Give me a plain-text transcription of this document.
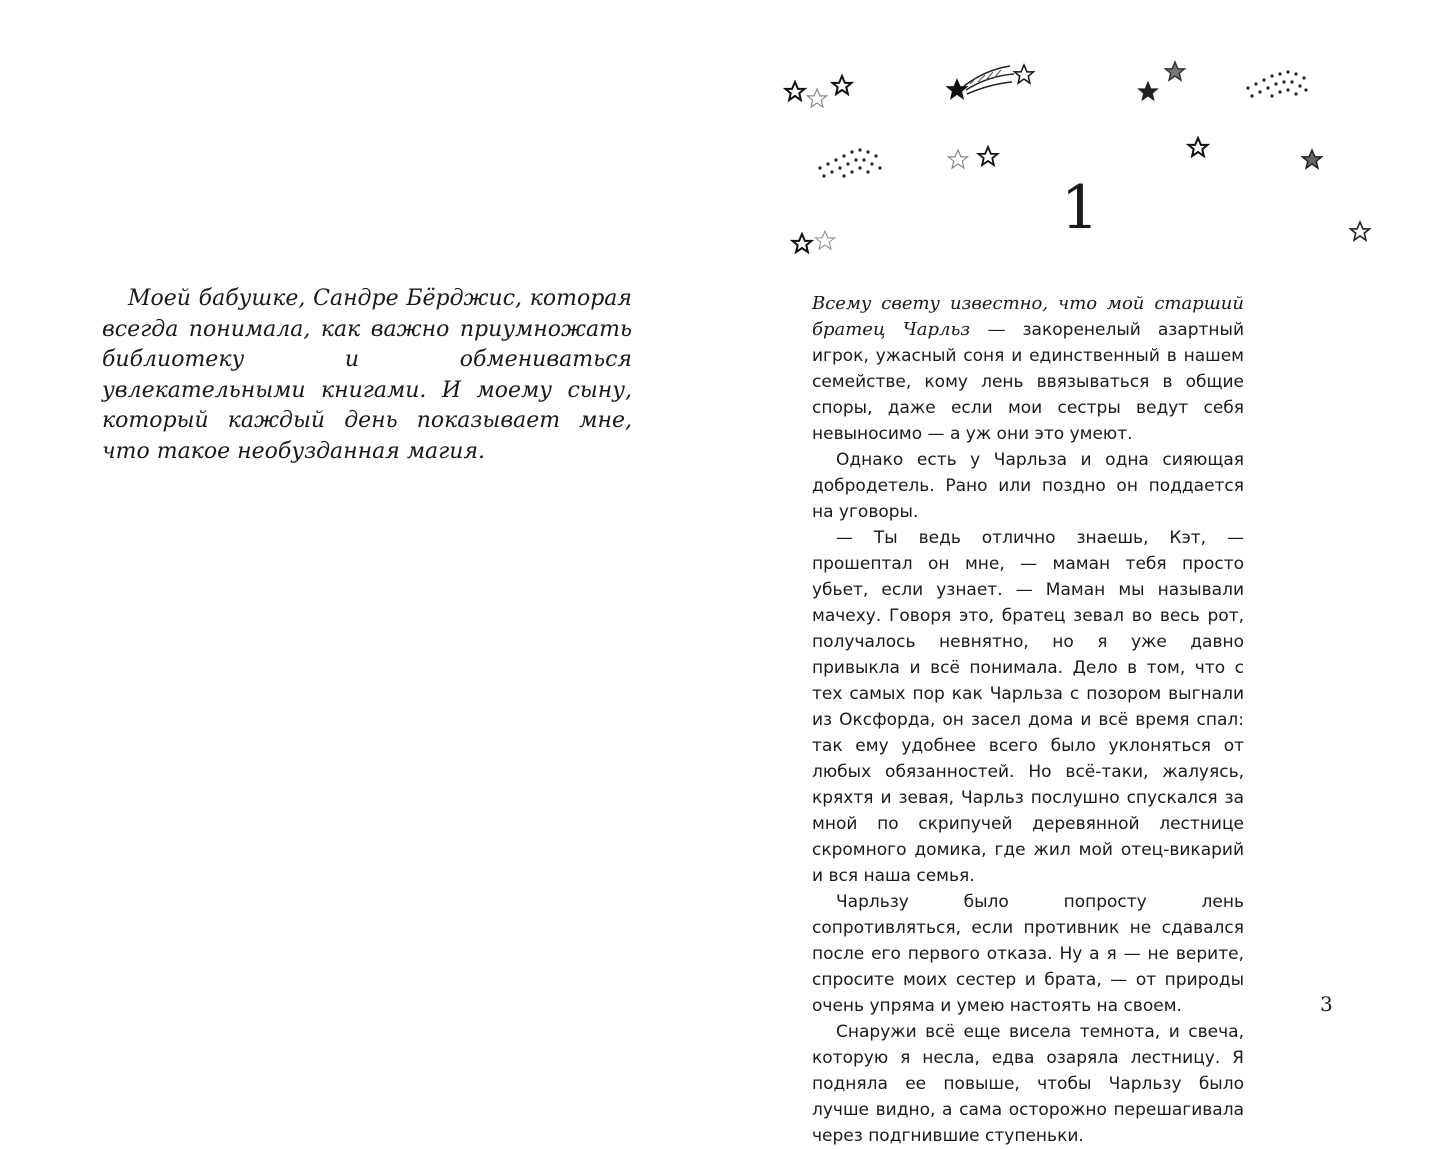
Моей бабушке, Сандре Бёрджис, которая всегда понимала, как важно приумножать библиотеку и обмениваться увлекательными книгами. И моему сыну, который каждый день показывает мне, что такое необузданная магия.

1

Всему свету известно, что мой старший братец Чарльз — закоренелый азартный игрок, ужасный соня и единственный в нашем семействе, кому лень ввязываться в общие споры, даже если мои сестры ведут себя невыносимо — а уж они это умеют.

Однако есть у Чарльза и одна сияющая добродетель. Рано или поздно он поддается на уговоры.

— Ты ведь отлично знаешь, Кэт, — прошептал он мне, — маман тебя просто убьет, если узнает. — Маман мы называли мачеху. Говоря это, братец зевал во весь рот, получалось невнятно, но я уже давно привыкла и всё понимала. Дело в том, что с тех самых пор как Чарльза с позором выгнали из Оксфорда, он засел дома и всё время спал: так ему удобнее всего было уклоняться от любых обязанностей. Но всё-таки, жалуясь, кряхтя и зевая, Чарльз послушно спускался за мной по скрипучей деревянной лестнице скромного домика, где жил мой отец-викарий и вся наша семья.

Чарльзу было попросту лень сопротивляться, если противник не сдавался после его первого отказа. Ну а я — не верите, спросите моих сестер и брата, — от природы очень упряма и умею настоять на своем.

Снаружи всё еще висела темнота, и свеча, которую я несла, едва озаряла лестницу. Я подняла ее повыше, чтобы Чарльзу было лучше видно, а сама осторожно перешагивала через подгнившие ступеньки.

3
